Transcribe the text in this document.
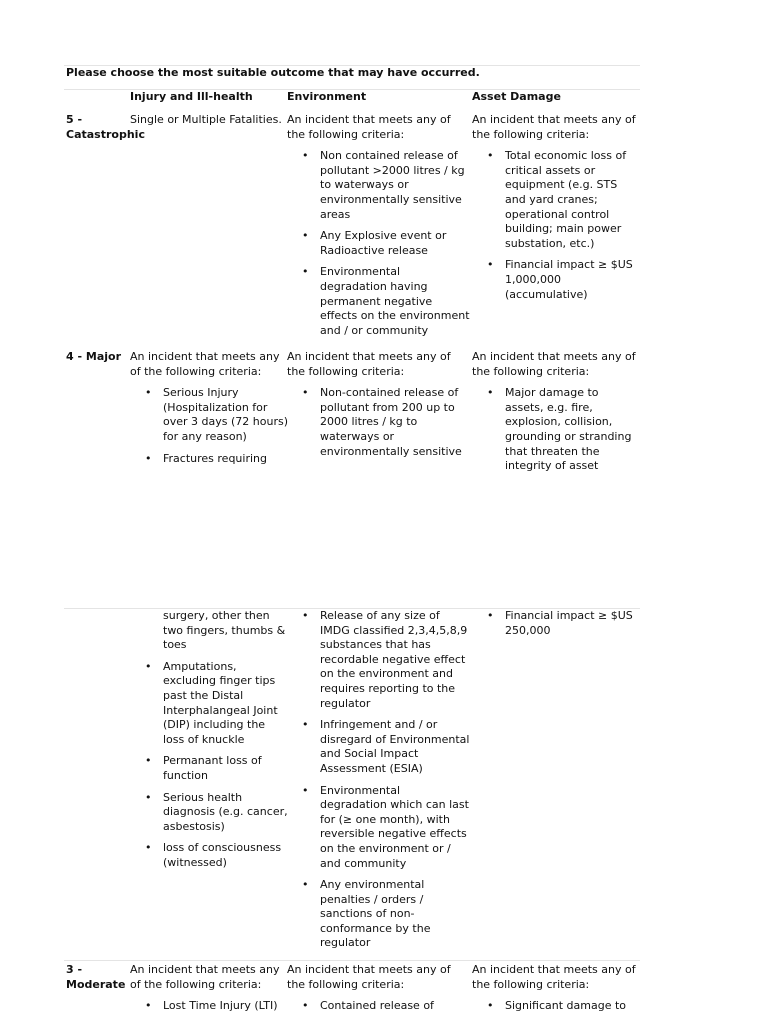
Please choose the most suitable outcome that may have occurred.
Injury and Ill-health	Environment	Asset Damage
5 - Catastrophic
Single or Multiple Fatalities. An incident that meets any of the following criteria:
• Non contained release of pollutant >2000 litres / kg to waterways or environmentally sensitive areas
• Any Explosive event or Radioactive release
• Environmental degradation having permanent negative effects on the environment and / or community
An incident that meets any of the following criteria:
• Total economic loss of critical assets or equipment (e.g. STS and yard cranes; operational control building; main power substation, etc.)
• Financial impact ≥ $US 1,000,000 (accumulative)
4 - Major An incident that meets any of the following criteria:
• Serious Injury (Hospitalization for over 3 days (72 hours) for any reason)
• Fractures requiring
An incident that meets any of the following criteria:
• Non-contained release of pollutant from 200 up to 2000 litres / kg to waterways or environmentally sensitive
An incident that meets any of the following criteria:
• Major damage to assets, e.g. fire, explosion, collision, grounding or stranding that threaten the integrity of asset
surgery, other then two fingers, thumbs & toes
• Amputations, excluding finger tips past the Distal Interphalangeal Joint (DIP) including the loss of knuckle
• Permanant loss of function
• Serious health diagnosis (e.g. cancer, asbestosis)
• loss of consciousness (witnessed)
• Release of any size of IMDG classified 2,3,4,5,8,9 substances that has recordable negative effect on the environment and requires reporting to the regulator
• Infringement and / or disregard of Environmental and Social Impact Assessment (ESIA)
• Environmental degradation which can last for (≥ one month), with reversible negative effects on the environment or / and community
• Any environmental penalties / orders / sanctions of non-conformance by the regulator
• Financial impact ≥ $US 250,000
3 - Moderate
An incident that meets any of the following criteria:
• Lost Time Injury (LTI)
An incident that meets any of the following criteria:
• Contained release of
An incident that meets any of the following criteria:
• Significant damage to
